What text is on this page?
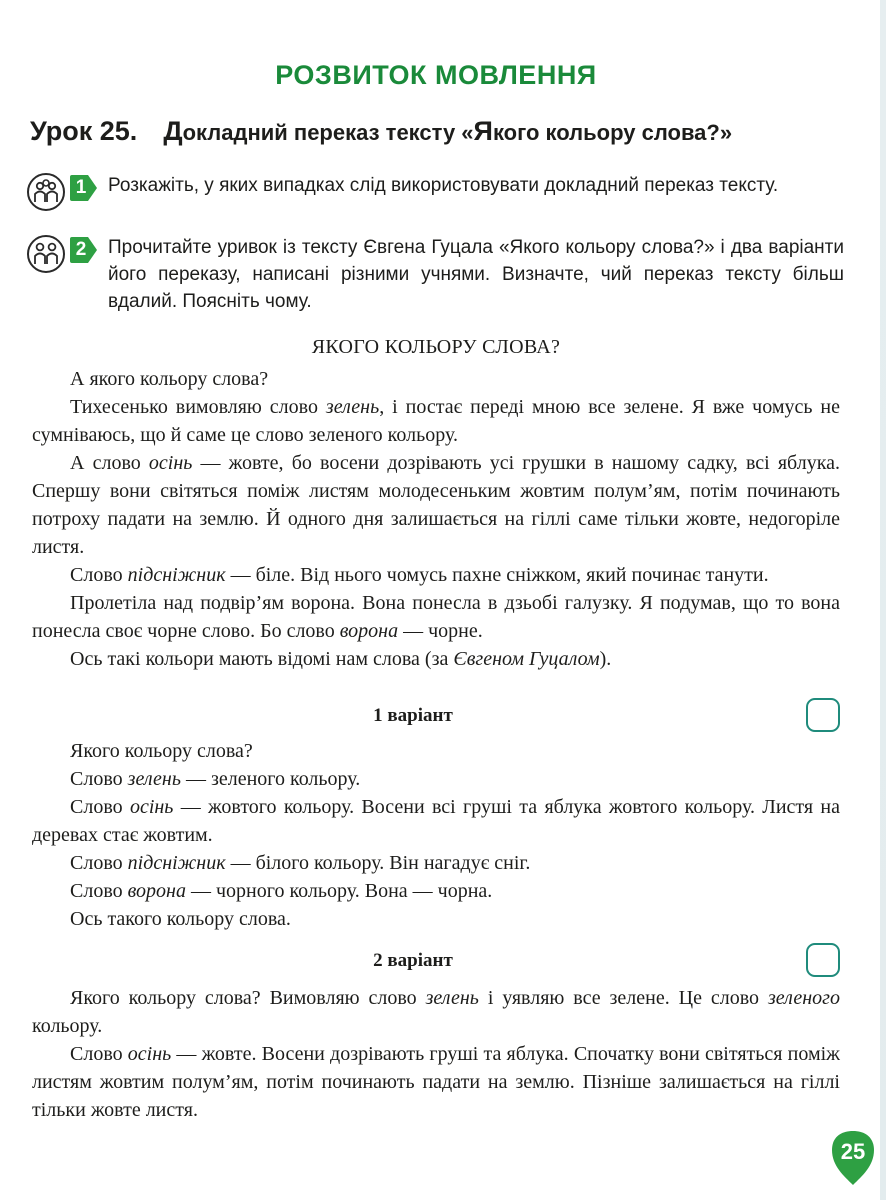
РОЗВИТОК МОВЛЕННЯ
Урок 25. Докладний переказ тексту «Якого кольору слова?»
1	Розкажіть, у яких випадках слід використовувати докладний переказ тексту.
2	Прочитайте уривок із тексту Євгена Гуцала «Якого кольору слова?» і два варіанти його переказу, написані різними учнями. Визначте, чий переказ тексту більш вдалий. Поясніть чому.
ЯКОГО КОЛЬОРУ СЛОВА?

А якого кольору слова?

Тихесенько вимовляю слово зелень, і постає переді мною все зелене. Я вже чомусь не сумніваюсь, що й саме це слово зеленого кольору.

А слово осінь — жовте, бо восени дозрівають усі грушки в нашому садку, всі яблука. Спершу вони світяться поміж листям молодесеньким жовтим полум’ям, потім починають потроху падати на землю. Й одного дня залишається на гіллі саме тільки жовте, недогоріле листя.

Слово підсніжник — біле. Від нього чомусь пахне сніжком, який починає танути.

Пролетіла над подвір’ям ворона. Вона понесла в дзьобі галузку. Я подумав, що то вона понесла своє чорне слово. Бо слово ворона — чорне.

Ось такі кольори мають відомі нам слова (за Євгеном Гуцалом).

1 варіант

Якого кольору слова?

Слово зелень — зеленого кольору.

Слово осінь — жовтого кольору. Восени всі груші та яблука жовтого кольору. Листя на деревах стає жовтим.

Слово підсніжник — білого кольору. Він нагадує сніг.

Слово ворона — чорного кольору. Вона — чорна.

Ось такого кольору слова.

2 варіант

Якого кольору слова? Вимовляю слово зелень і уявляю все зелене. Це слово зеленого кольору.

Слово осінь — жовте. Восени дозрівають груші та яблука. Спочатку вони світяться поміж листям жовтим полум’ям, потім починають падати на землю. Пізніше залишається на гіллі тільки жовте листя.

25
